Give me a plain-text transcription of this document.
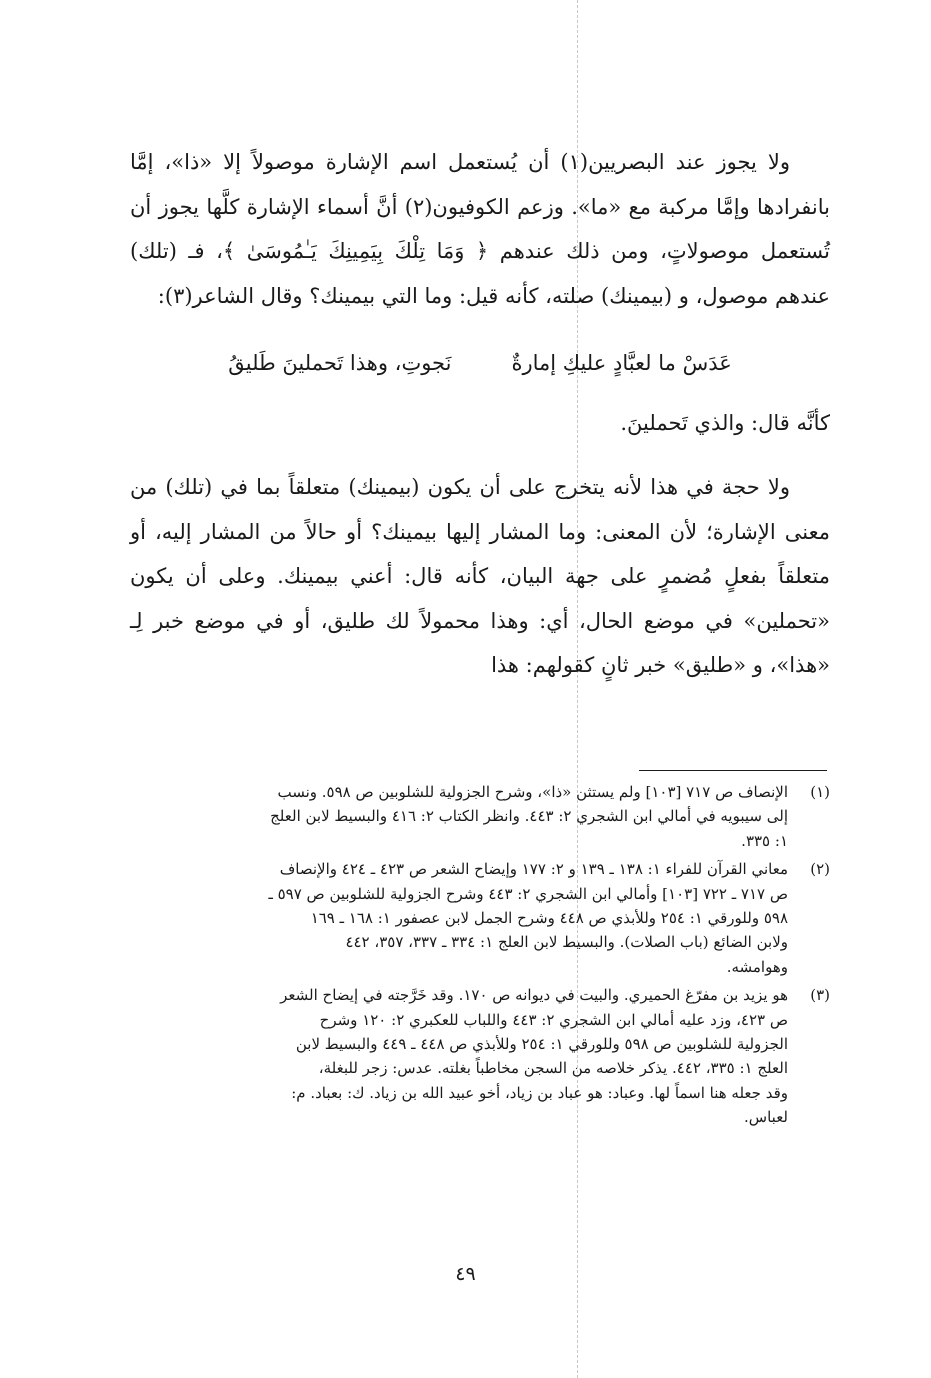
ولا يجوز عند البصريين(١) أن يُستعمل اسم الإشارة موصولاً إلا «ذا»، إمَّا بانفرادها وإمَّا مركبة مع «ما». وزعم الكوفيون(٢) أنَّ أسماء الإشارة كلَّها يجوز أن تُستعمل موصولاتٍ، ومن ذلك عندهم ﴿ وَمَا تِلْكَ بِيَمِينِكَ يَـٰمُوسَىٰ ﴾، فـ (تلك) عندهم موصول، و (بيمينك) صلته، كأنه قيل: وما التي بيمينك؟ وقال الشاعر(٣):

عَدَسْ ما لعبَّادٍ عليكِ إمارةٌ
نَجوتِ، وهذا تَحملينَ طَليقُ

كأنَّه قال: والذي تَحملينَ.

ولا حجة في هذا لأنه يتخرج على أن يكون (بيمينك) متعلقاً بما في (تلك) من معنى الإشارة؛ لأن المعنى: وما المشار إليها بيمينك؟ أو حالاً من المشار إليه، أو متعلقاً بفعلٍ مُضمرٍ على جهة البيان، كأنه قال: أعني بيمينك. وعلى أن يكون «تحملين» في موضع الحال، أي: وهذا محمولاً لك طليق، أو في موضع خبر لِـ «هذا»، و «طليق» خبر ثانٍ كقولهم: هذا

(١)

الإنصاف ص ٧١٧ [١٠٣] ولم يستثن «ذا»، وشرح الجزولية للشلوبين ص ٥٩٨. ونسب

إلى سيبويه في أمالي ابن الشجري ٢: ٤٤٣. وانظر الكتاب ٢: ٤١٦ والبسيط لابن العلج

١: ٣٣٥.

(٢)

معاني القرآن للفراء ١: ١٣٨ ـ ١٣٩ و ٢: ١٧٧ وإيضاح الشعر ص ٤٢٣ ـ ٤٢٤ والإنصاف

ص ٧١٧ ـ ٧٢٢ [١٠٣] وأمالي ابن الشجري ٢: ٤٤٣ وشرح الجزولية للشلوبين ص ٥٩٧ ـ

٥٩٨ وللورقي ١: ٢٥٤ وللأبذي ص ٤٤٨ وشرح الجمل لابن عصفور ١: ١٦٨ ـ ١٦٩

ولابن الضائع (باب الصلات). والبسيط لابن العلج ١: ٣٣٤ ـ ٣٣٧، ٣٥٧، ٤٤٢

وهوامشه.

(٣)

هو يزيد بن مفرّغ الحميري. والبيت في ديوانه ص ١٧٠. وقد خَرَّجته في إيضاح الشعر

ص ٤٢٣، وزد عليه أمالي ابن الشجري ٢: ٤٤٣ واللباب للعكبري ٢: ١٢٠ وشرح

الجزولية للشلوبين ص ٥٩٨ وللورقي ١: ٢٥٤ وللأبذي ص ٤٤٨ ـ ٤٤٩ والبسيط لابن

العلج ١: ٣٣٥، ٤٤٢. يذكر خلاصه من السجن مخاطباً بغلته. عدس: زجر للبغلة،

وقد جعله هنا اسماً لها. وعباد: هو عباد بن زياد، أخو عبيد الله بن زياد. ك: بعباد. م:

لعباس.

٤٩
